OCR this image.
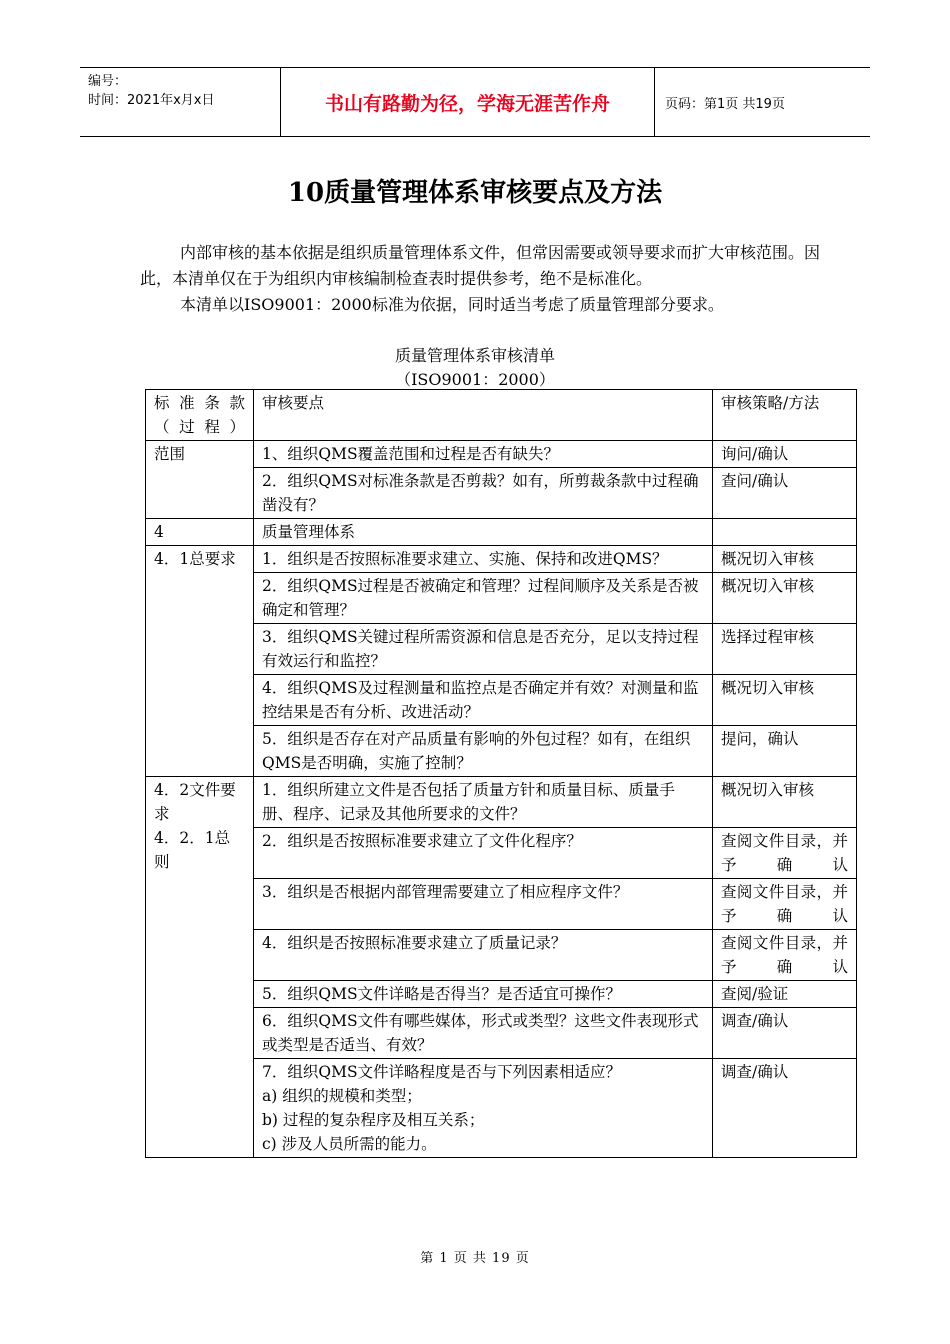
编号：
时间：2021年x月x日	书山有路勤为径，学海无涯苦作舟	页码：第1页 共19页
10质量管理体系审核要点及方法

内部审核的基本依据是组织质量管理体系文件，但常因需要或领导要求而扩大审核范围。因此，本清单仅在于为组织内审核编制检查表时提供参考，绝不是标准化。

本清单以ISO9001：2000标准为依据，同时适当考虑了质量管理部分要求。

质量管理体系审核清单
（ISO9001：2000）
标准条款（过程）	审核要点	审核策略/方法
范围	1、组织QMS覆盖范围和过程是否有缺失？	询问/确认
	2．组织QMS对标准条款是否剪裁？如有，所剪裁条款中过程确凿没有？	查问/确认
4	质量管理体系	
4．1总要求	1．组织是否按照标准要求建立、实施、保持和改进QMS？	概况切入审核
	2．组织QMS过程是否被确定和管理？过程间顺序及关系是否被确定和管理？	概况切入审核
	3．组织QMS关键过程所需资源和信息是否充分，足以支持过程有效运行和监控？	选择过程审核
	4．组织QMS及过程测量和监控点是否确定并有效？对测量和监控结果是否有分析、改进活动？	概况切入审核
	5．组织是否存在对产品质量有影响的外包过程？如有，在组织QMS是否明确，实施了控制？	提问，确认

4．2文件要求
4．2．1总则	1．组织所建立文件是否包括了质量方针和质量目标、质量手册、程序、记录及其他所要求的文件？	概况切入审核
	2．组织是否按照标准要求建立了文件化程序？	查阅文件目录，并予确认
	3．组织是否根据内部管理需要建立了相应程序文件？	查阅文件目录，并予确认
	4．组织是否按照标准要求建立了质量记录？	查阅文件目录，并予确认
	5．组织QMS文件详略是否得当？是否适宜可操作？	查阅/验证
	6．组织QMS文件有哪些媒体，形式或类型？这些文件表现形式或类型是否适当、有效？	调查/确认

	7．组织QMS文件详略程度是否与下列因素相适应？
a) 组织的规模和类型；
b) 过程的复杂程序及相互关系；
c) 涉及人员所需的能力。	调查/确认
第 1 页 共 19 页
